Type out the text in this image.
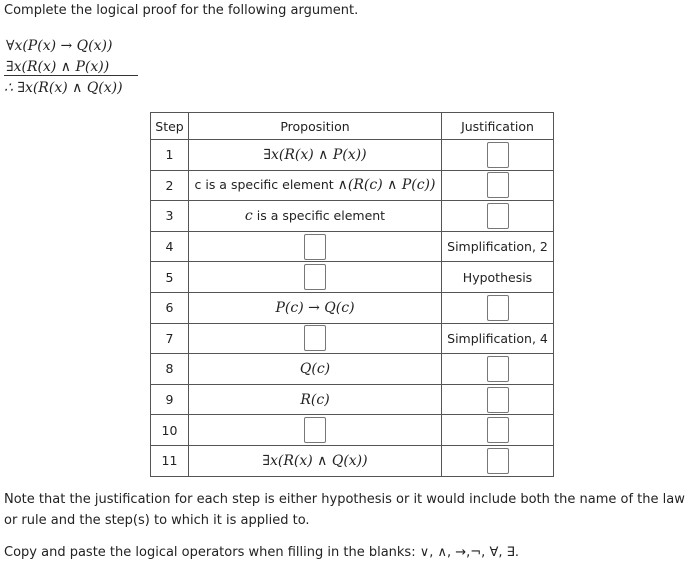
Complete the logical proof for the following argument.
∀x(P(x) → Q(x))
∃x(R(x) ∧ P(x))
∴ ∃x(R(x) ∧ Q(x))
Step	Proposition	Justification
1	∃x(R(x) ∧ P(x))	
2	c is a specific element ∧(R(c) ∧ P(c))	
3	c is a specific element	
4		Simplification, 2
5		Hypothesis
6	P(c) → Q(c)	
7		Simplification, 4
8	Q(c)	
9	R(c)	
10		
11	∃x(R(x) ∧ Q(x))	
Note that the justification for each step is either hypothesis or it would include both the name of the law or rule and the step(s) to which it is applied to.
Copy and paste the logical operators when filling in the blanks: ∨, ∧, →,¬, ∀, ∃.
